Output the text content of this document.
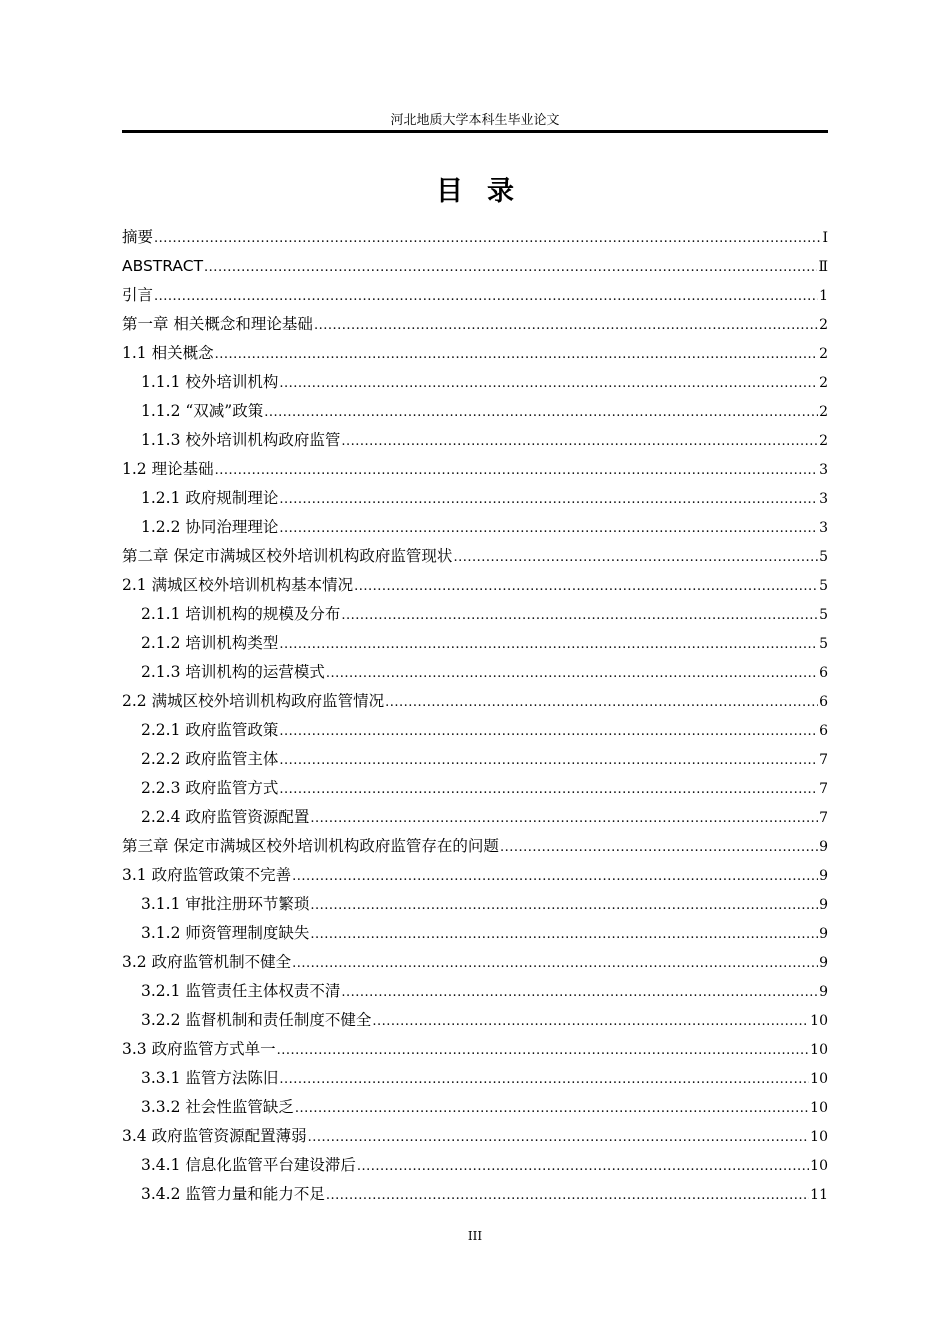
河北地质大学本科生毕业论文
目录
摘要 .....	I
ABSTRACT .....	Ⅱ
引言 .....	1
第一章 相关概念和理论基础 .....	2
1.1 相关概念 .....	2
1.1.1 校外培训机构 .....	2
1.1.2 “双减”政策 .....	2
1.1.3 校外培训机构政府监管 .....	2
1.2 理论基础 .....	3
1.2.1 政府规制理论 .....	3
1.2.2 协同治理理论 .....	3
第二章 保定市满城区校外培训机构政府监管现状 .....	5
2.1 满城区校外培训机构基本情况 .....	5
2.1.1 培训机构的规模及分布 .....	5
2.1.2 培训机构类型 .....	5
2.1.3 培训机构的运营模式 .....	6
2.2 满城区校外培训机构政府监管情况 .....	6
2.2.1 政府监管政策 .....	6
2.2.2 政府监管主体 .....	7
2.2.3 政府监管方式 .....	7
2.2.4 政府监管资源配置 .....	7
第三章 保定市满城区校外培训机构政府监管存在的问题 .....	9
3.1 政府监管政策不完善 .....	9
3.1.1 审批注册环节繁琐 .....	9
3.1.2 师资管理制度缺失 .....	9
3.2 政府监管机制不健全 .....	9
3.2.1 监管责任主体权责不清 .....	9
3.2.2 监督机制和责任制度不健全 .....	10
3.3 政府监管方式单一 .....	10
3.3.1 监管方法陈旧 .....	10
3.3.2 社会性监管缺乏 .....	10
3.4 政府监管资源配置薄弱 .....	10
3.4.1 信息化监管平台建设滞后 .....	10
3.4.2 监管力量和能力不足 .....	11
III
